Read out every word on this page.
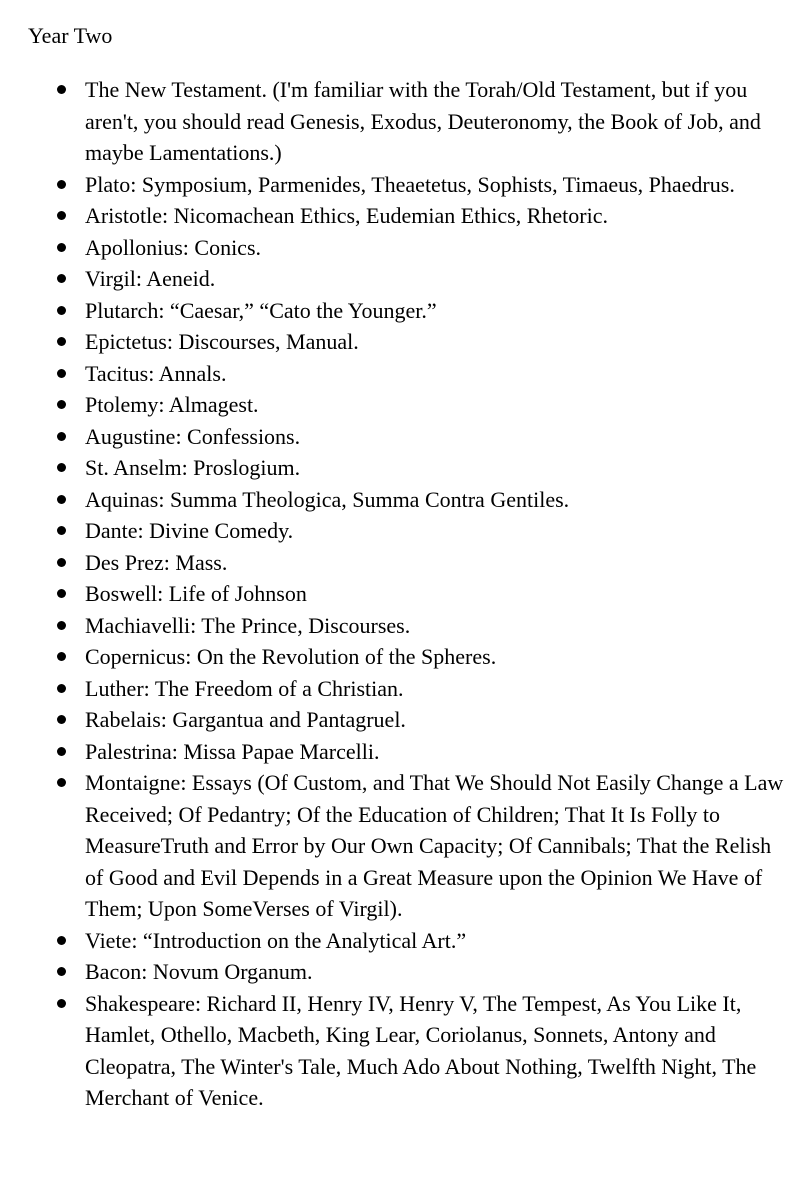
Year Two
The New Testament. (I'm familiar with the Torah/Old Testament, but if you aren't, you should read Genesis, Exodus, Deuteronomy, the Book of Job, and maybe Lamentations.)
Plato: Symposium, Parmenides, Theaetetus, Sophists, Timaeus, Phaedrus.
Aristotle: Nicomachean Ethics, Eudemian Ethics, Rhetoric.
Apollonius: Conics.
Virgil: Aeneid.
Plutarch: “Caesar,” “Cato the Younger.”
Epictetus: Discourses, Manual.
Tacitus: Annals.
Ptolemy: Almagest.
Augustine: Confessions.
St. Anselm: Proslogium.
Aquinas: Summa Theologica, Summa Contra Gentiles.
Dante: Divine Comedy.
Des Prez: Mass.
Boswell: Life of Johnson
Machiavelli: The Prince, Discourses.
Copernicus: On the Revolution of the Spheres.
Luther: The Freedom of a Christian.
Rabelais: Gargantua and Pantagruel.
Palestrina: Missa Papae Marcelli.
Montaigne: Essays (Of Custom, and That We Should Not Easily Change a Law Received; Of Pedantry; Of the Education of Children; That It Is Folly to MeasureTruth and Error by Our Own Capacity; Of Cannibals; That the Relish of Good and Evil Depends in a Great Measure upon the Opinion We Have of Them; Upon SomeVerses of Virgil).
Viete: “Introduction on the Analytical Art.”
Bacon: Novum Organum.
Shakespeare: Richard II, Henry IV, Henry V, The Tempest, As You Like It, Hamlet, Othello, Macbeth, King Lear, Coriolanus, Sonnets, Antony and Cleopatra, The Winter's Tale, Much Ado About Nothing, Twelfth Night, The Merchant of Venice.
